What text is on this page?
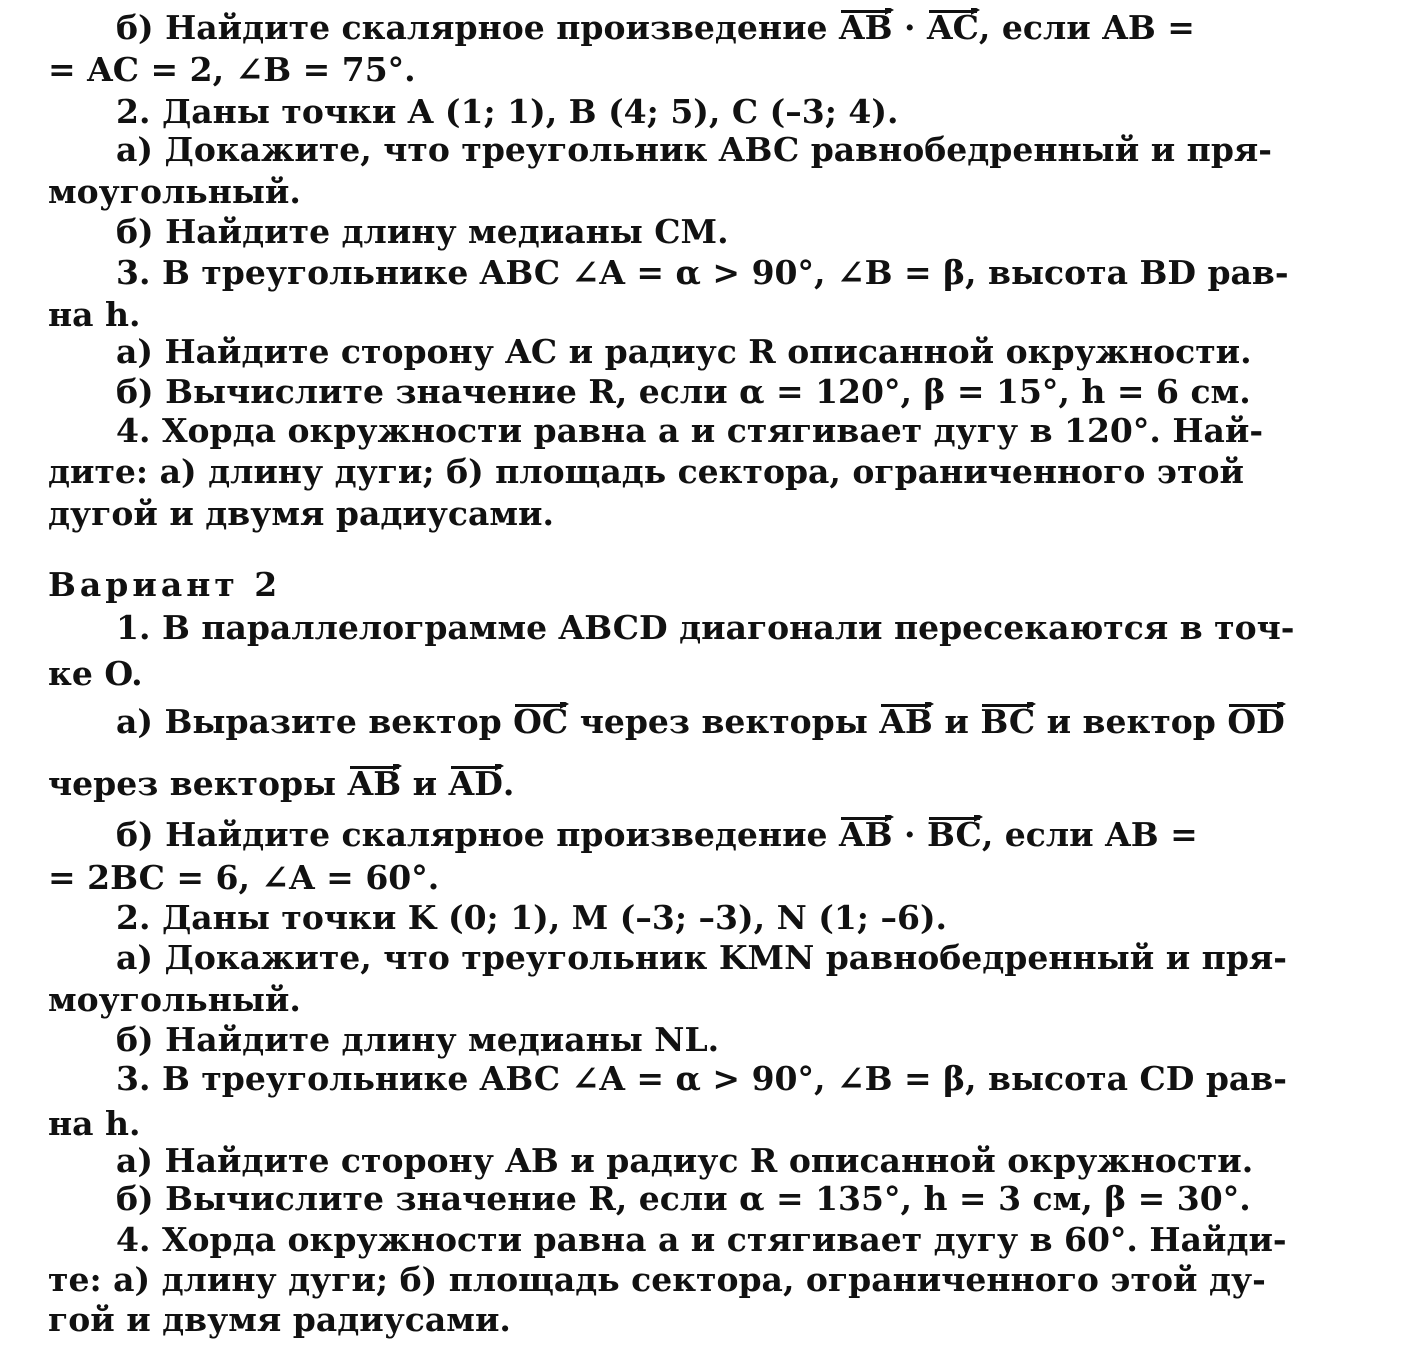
б) Найдите скалярное произведение AB · AC, если AB =
= AC = 2, ∠B = 75°.
2. Даны точки A (1; 1), B (4; 5), C (–3; 4).
а) Докажите, что треугольник ABC равнобедренный и пря-
моугольный.
б) Найдите длину медианы CM.
3. В треугольнике ABC ∠A = α > 90°, ∠B = β, высота BD рав-
на h.
а) Найдите сторону AC и радиус R описанной окружности.
б) Вычислите значение R, если α = 120°, β = 15°, h = 6 см.
4. Хорда окружности равна a и стягивает дугу в 120°. Най-
дите: а) длину дуги; б) площадь сектора, ограниченного этой
дугой и двумя радиусами.
Вариант 2
1. В параллелограмме ABCD диагонали пересекаются в точ-
ке O.
а) Выразите вектор OC через векторы AB и BC и вектор OD
через векторы AB и AD.
б) Найдите скалярное произведение AB · BC, если AB =
= 2BC = 6, ∠A = 60°.
2. Даны точки K (0; 1), M (–3; –3), N (1; –6).
а) Докажите, что треугольник KMN равнобедренный и пря-
моугольный.
б) Найдите длину медианы NL.
3. В треугольнике ABC ∠A = α > 90°, ∠B = β, высота CD рав-
на h.
а) Найдите сторону AB и радиус R описанной окружности.
б) Вычислите значение R, если α = 135°, h = 3 см, β = 30°.
4. Хорда окружности равна a и стягивает дугу в 60°. Найди-
те: а) длину дуги; б) площадь сектора, ограниченного этой ду-
гой и двумя радиусами.
